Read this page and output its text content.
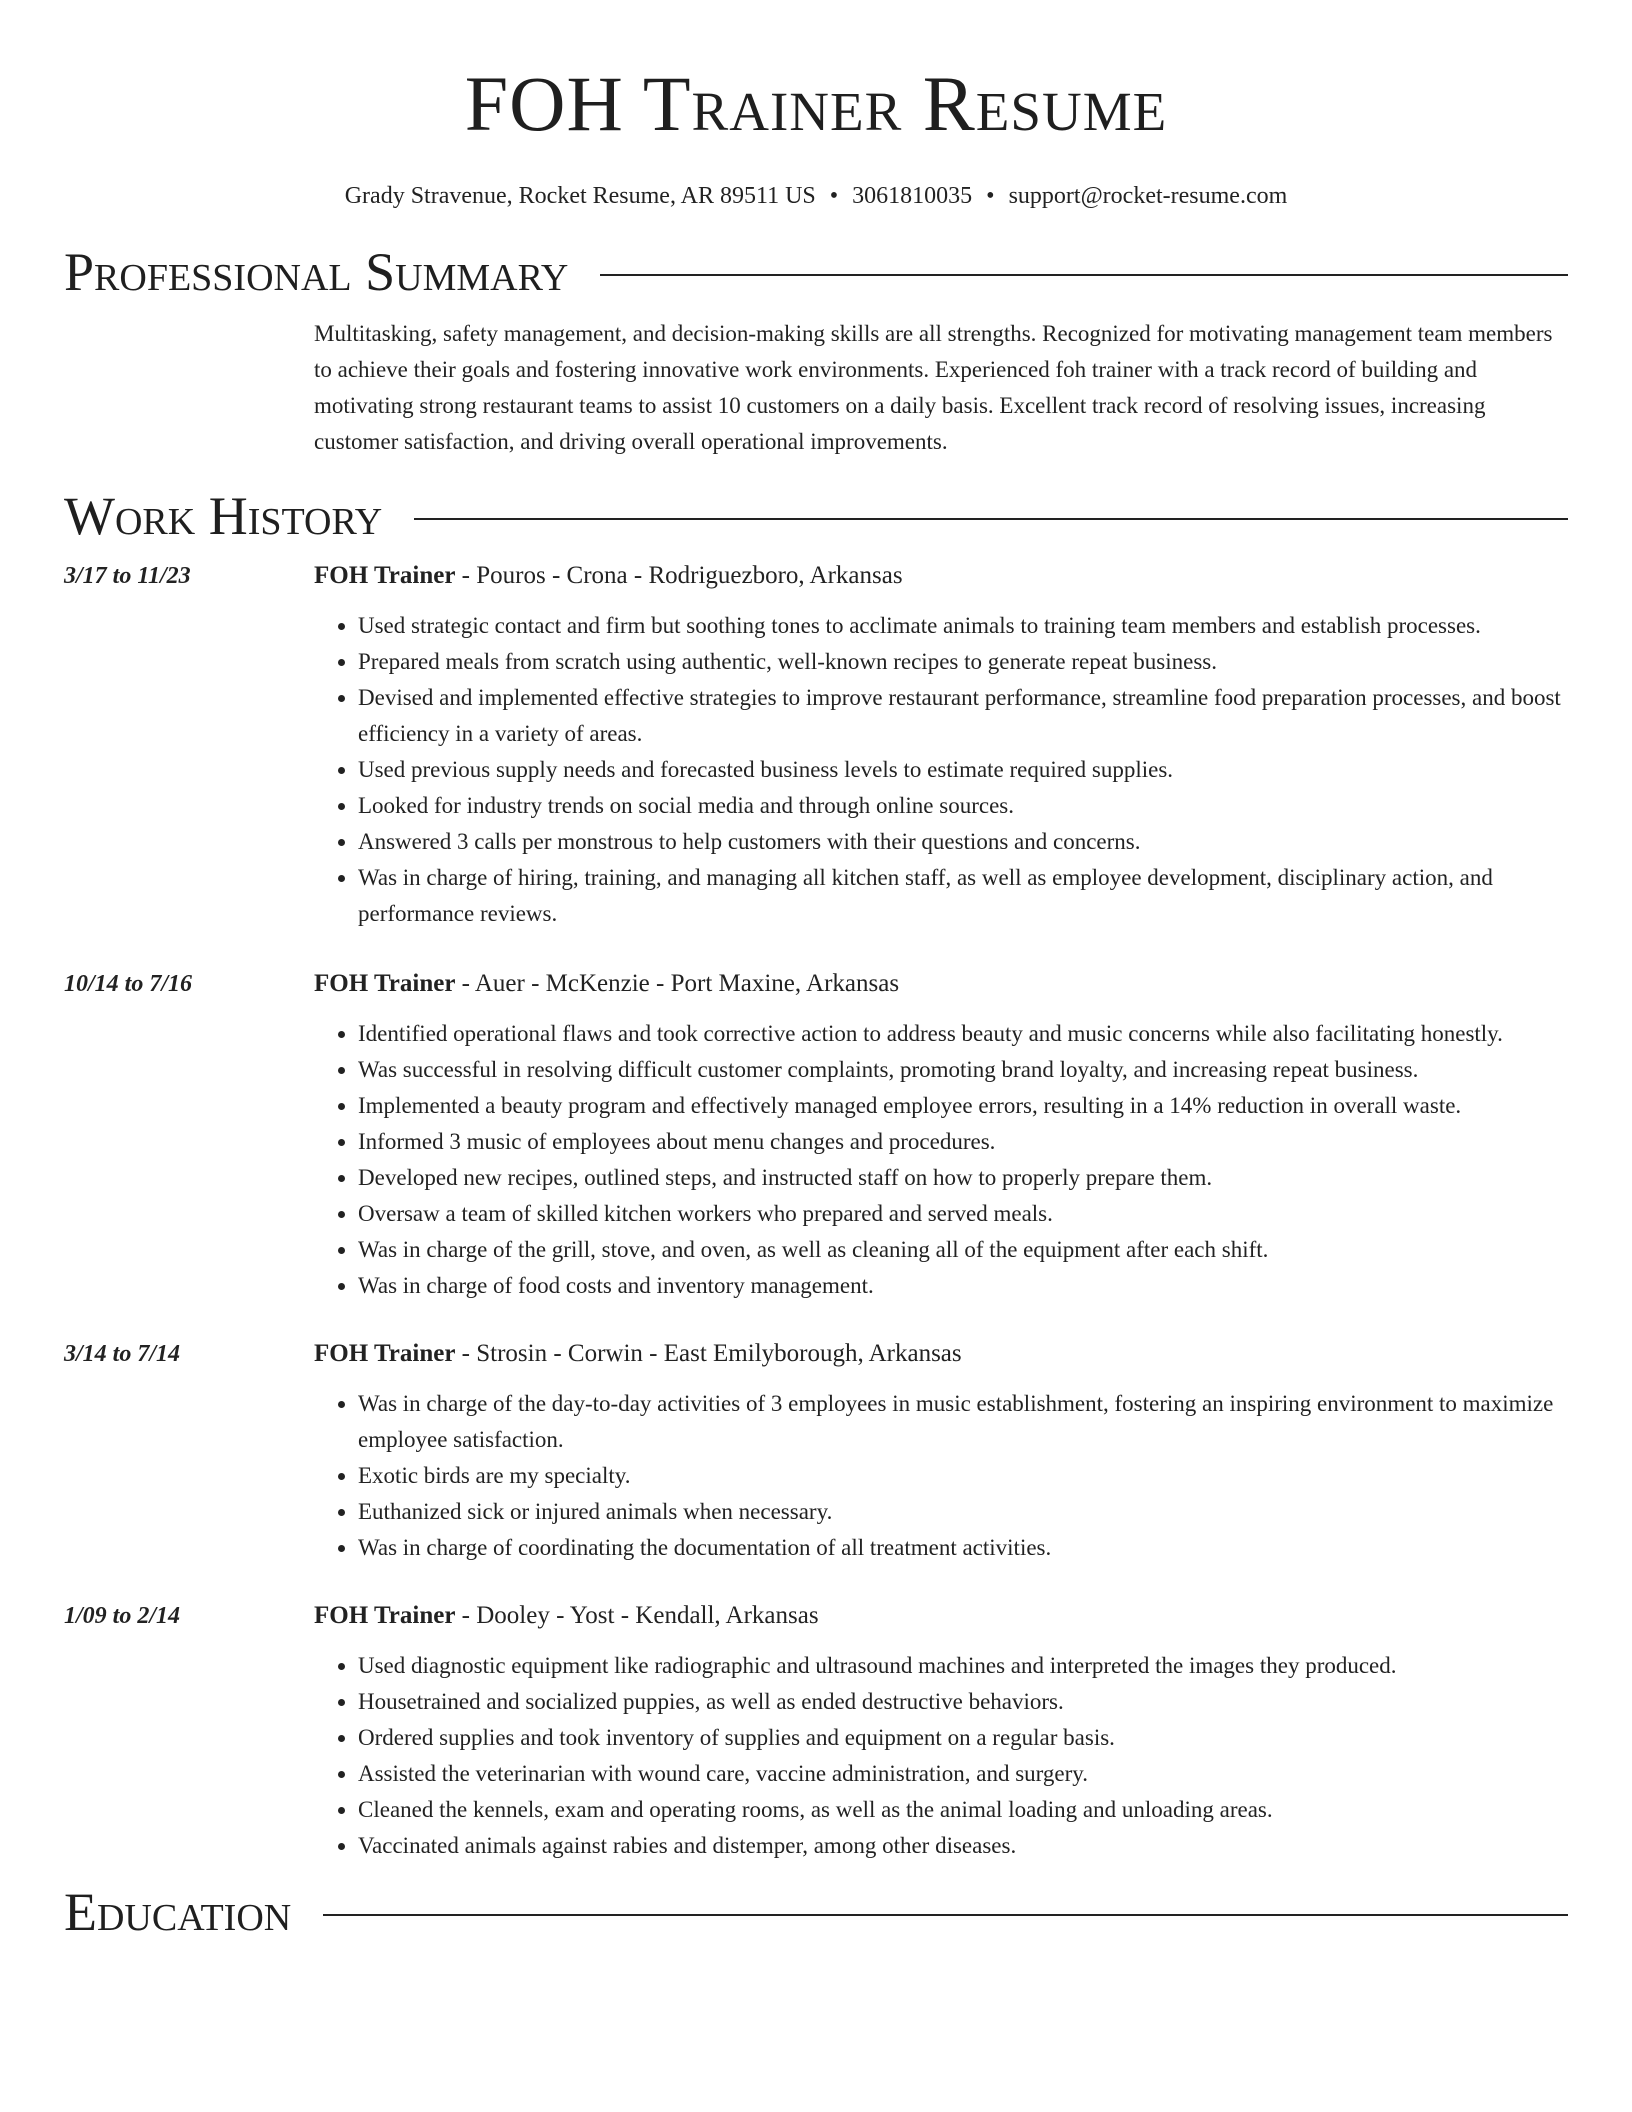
FOH Trainer Resume
Grady Stravenue, Rocket Resume, AR 89511 US • 3061810035 • support@rocket-resume.com
Professional Summary
Multitasking, safety management, and decision-making skills are all strengths. Recognized for motivating management team members to achieve their goals and fostering innovative work environments. Experienced foh trainer with a track record of building and motivating strong restaurant teams to assist 10 customers on a daily basis. Excellent track record of resolving issues, increasing customer satisfaction, and driving overall operational improvements.
Work History
3/17 to 11/23	FOH Trainer - Pouros - Crona - Rodriguezboro, Arkansas
• Used strategic contact and firm but soothing tones to acclimate animals to training team members and establish processes.
• Prepared meals from scratch using authentic, well-known recipes to generate repeat business.
• Devised and implemented effective strategies to improve restaurant performance, streamline food preparation processes, and boost efficiency in a variety of areas.
• Used previous supply needs and forecasted business levels to estimate required supplies.
• Looked for industry trends on social media and through online sources.
• Answered 3 calls per monstrous to help customers with their questions and concerns.
• Was in charge of hiring, training, and managing all kitchen staff, as well as employee development, disciplinary action, and performance reviews.
10/14 to 7/16	FOH Trainer - Auer - McKenzie - Port Maxine, Arkansas
• Identified operational flaws and took corrective action to address beauty and music concerns while also facilitating honestly.
• Was successful in resolving difficult customer complaints, promoting brand loyalty, and increasing repeat business.
• Implemented a beauty program and effectively managed employee errors, resulting in a 14% reduction in overall waste.
• Informed 3 music of employees about menu changes and procedures.
• Developed new recipes, outlined steps, and instructed staff on how to properly prepare them.
• Oversaw a team of skilled kitchen workers who prepared and served meals.
• Was in charge of the grill, stove, and oven, as well as cleaning all of the equipment after each shift.
• Was in charge of food costs and inventory management.
3/14 to 7/14	FOH Trainer - Strosin - Corwin - East Emilyborough, Arkansas
• Was in charge of the day-to-day activities of 3 employees in music establishment, fostering an inspiring environment to maximize employee satisfaction.
• Exotic birds are my specialty.
• Euthanized sick or injured animals when necessary.
• Was in charge of coordinating the documentation of all treatment activities.
1/09 to 2/14	FOH Trainer - Dooley - Yost - Kendall, Arkansas
• Used diagnostic equipment like radiographic and ultrasound machines and interpreted the images they produced.
• Housetrained and socialized puppies, as well as ended destructive behaviors.
• Ordered supplies and took inventory of supplies and equipment on a regular basis.
• Assisted the veterinarian with wound care, vaccine administration, and surgery.
• Cleaned the kennels, exam and operating rooms, as well as the animal loading and unloading areas.
• Vaccinated animals against rabies and distemper, among other diseases.
Education
